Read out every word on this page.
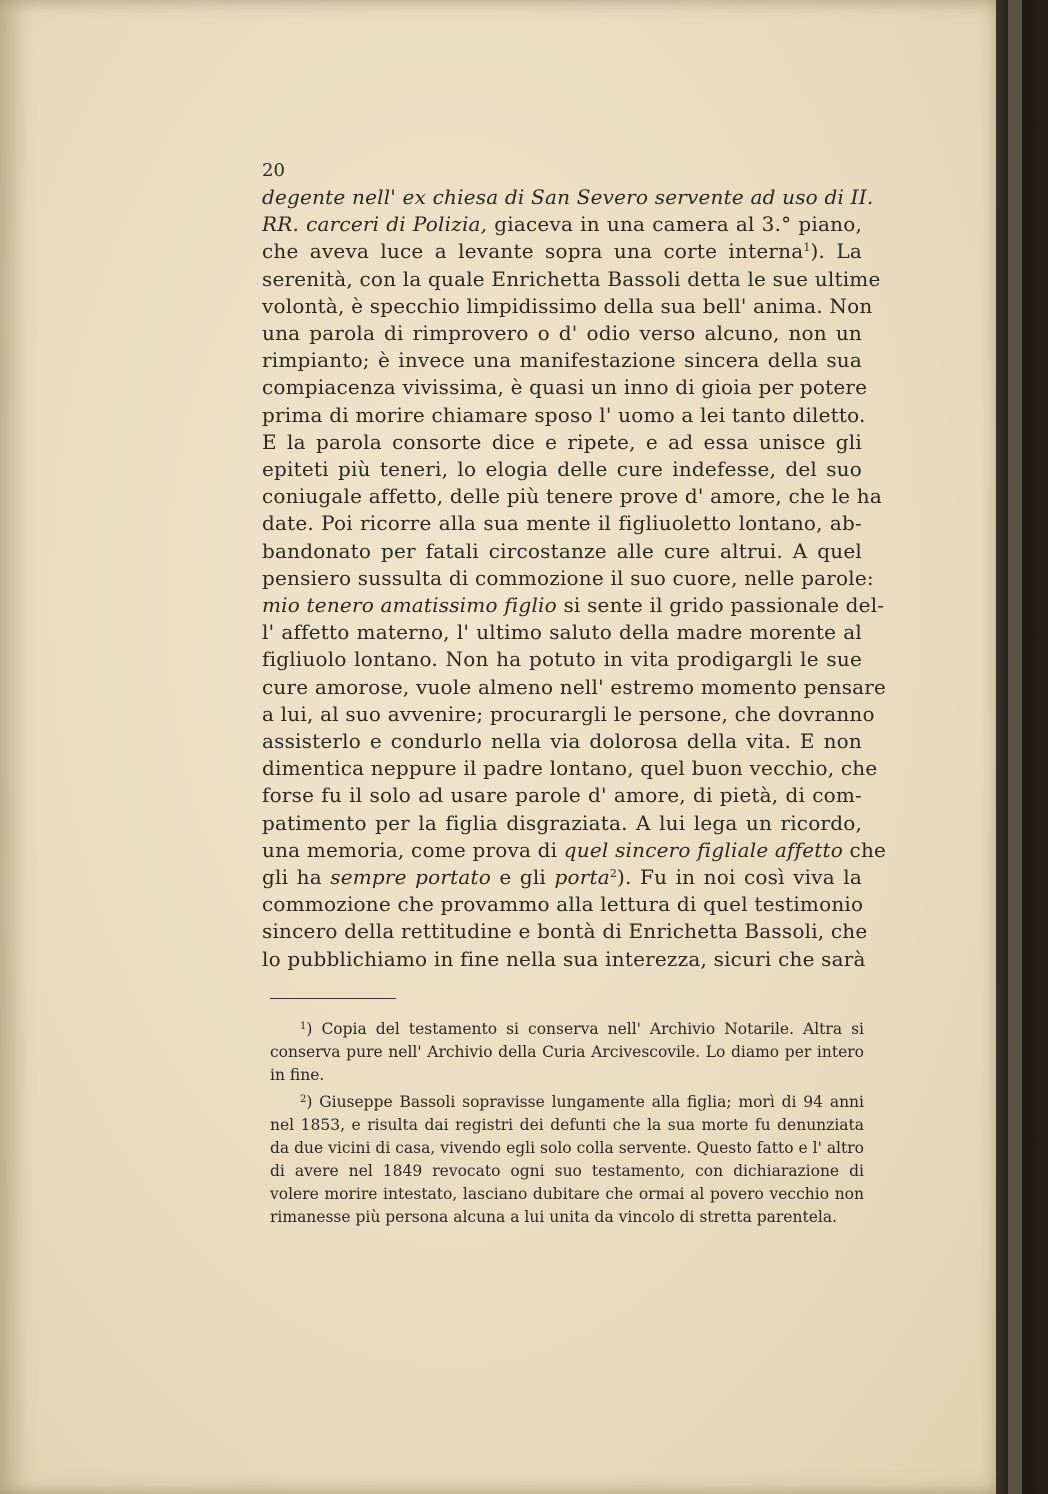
20
degente nell' ex chiesa di San Severo servente ad uso di II.
RR. carceri di Polizia, giaceva in una camera al 3.° piano,
che aveva luce a levante sopra una corte interna$^1$). La
serenità, con la quale Enrichetta Bassoli detta le sue ultime
volontà, è specchio limpidissimo della sua bell' anima. Non
una parola di rimprovero o d' odio verso alcuno, non un
rimpianto; è invece una manifestazione sincera della sua
compiacenza vivissima, è quasi un inno di gioia per potere
prima di morire chiamare sposo l' uomo a lei tanto diletto.
E la parola consorte dice e ripete, e ad essa unisce gli
epiteti più teneri, lo elogia delle cure indefesse, del suo
coniugale affetto, delle più tenere prove d' amore, che le ha
date. Poi ricorre alla sua mente il figliuoletto lontano, ab-
bandonato per fatali circostanze alle cure altrui. A quel
pensiero sussulta di commozione il suo cuore, nelle parole:
mio tenero amatissimo figlio si sente il grido passionale del-
l' affetto materno, l' ultimo saluto della madre morente al
figliuolo lontano. Non ha potuto in vita prodigargli le sue
cure amorose, vuole almeno nell' estremo momento pensare
a lui, al suo avvenire; procurargli le persone, che dovranno
assisterlo e condurlo nella via dolorosa della vita. E non
dimentica neppure il padre lontano, quel buon vecchio, che
forse fu il solo ad usare parole d' amore, di pietà, di com-
patimento per la figlia disgraziata. A lui lega un ricordo,
una memoria, come prova di quel sincero figliale affetto che
gli ha sempre portato e gli porta$^2$). Fu in noi così viva la
commozione che provammo alla lettura di quel testimonio
sincero della rettitudine e bontà di Enrichetta Bassoli, che
lo pubblichiamo in fine nella sua interezza, sicuri che sarà

$^1$) Copia del testamento si conserva nell' Archivio Notarile. Altra si conserva pure nell' Archivio della Curia Arcivescovile. Lo diamo per intero in fine.

$^2$) Giuseppe Bassoli sopravisse lungamente alla figlia; morì di 94 anni nel 1853, e risulta dai registri dei defunti che la sua morte fu denunziata da due vicini di casa, vivendo egli solo colla servente. Questo fatto e l' altro di avere nel 1849 revocato ogni suo testamento, con dichiarazione di volere morire intestato, lasciano dubitare che ormai al povero vecchio non rimanesse più persona alcuna a lui unita da vincolo di stretta parentela.
